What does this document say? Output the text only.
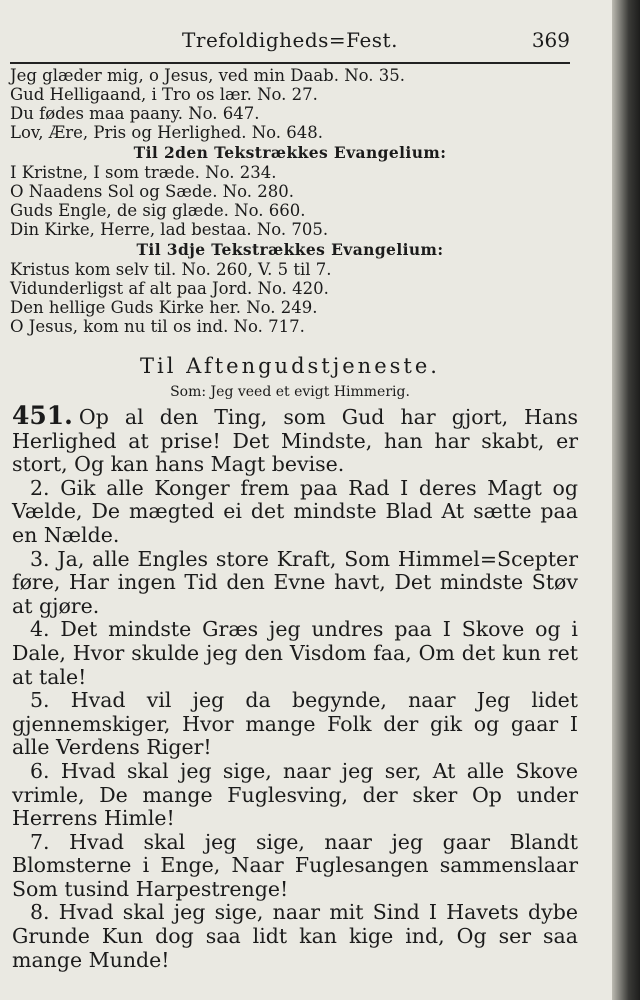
Trefoldigheds=Fest.	369
Jeg glæder mig, o Jesus, ved min Daab. No. 35.
Gud Helligaand, i Tro os lær. No. 27.
Du fødes maa paany. No. 647.
Lov, Ære, Pris og Herlighed. No. 648.
Til 2den Tekstrækkes Evangelium:
I Kristne, I som træde. No. 234.
O Naadens Sol og Sæde. No. 280.
Guds Engle, de sig glæde. No. 660.
Din Kirke, Herre, lad bestaa. No. 705.
Til 3dje Tekstrækkes Evangelium:
Kristus kom selv til. No. 260, V. 5 til 7.
Vidunderligst af alt paa Jord. No. 420.
Den hellige Guds Kirke her. No. 249.
O Jesus, kom nu til os ind. No. 717.
Til Aftengudstjeneste.
Som: Jeg veed et evigt Himmerig.

451. Op al den Ting, som Gud har gjort, Hans Herlighed at prise! Det Mindste, han har skabt, er stort, Og kan hans Magt bevise.

2. Gik alle Konger frem paa Rad I deres Magt og Vælde, De mægted ei det mindste Blad At sætte paa en Nælde.

3. Ja, alle Engles store Kraft, Som Himmel=Scepter føre, Har ingen Tid den Evne havt, Det mindste Støv at gjøre.

4. Det mindste Græs jeg undres paa I Skove og i Dale, Hvor skulde jeg den Visdom faa, Om det kun ret at tale!

5. Hvad vil jeg da begynde, naar Jeg lidet gjennemskiger, Hvor mange Folk der gik og gaar I alle Verdens Riger!

6. Hvad skal jeg sige, naar jeg ser, At alle Skove vrimle, De mange Fuglesving, der sker Op under Herrens Himle!

7. Hvad skal jeg sige, naar jeg gaar Blandt Blomsterne i Enge, Naar Fuglesangen sammenslaar Som tusind Harpestrenge!

8. Hvad skal jeg sige, naar mit Sind I Havets dybe Grunde Kun dog saa lidt kan kige ind, Og ser saa mange Munde!
